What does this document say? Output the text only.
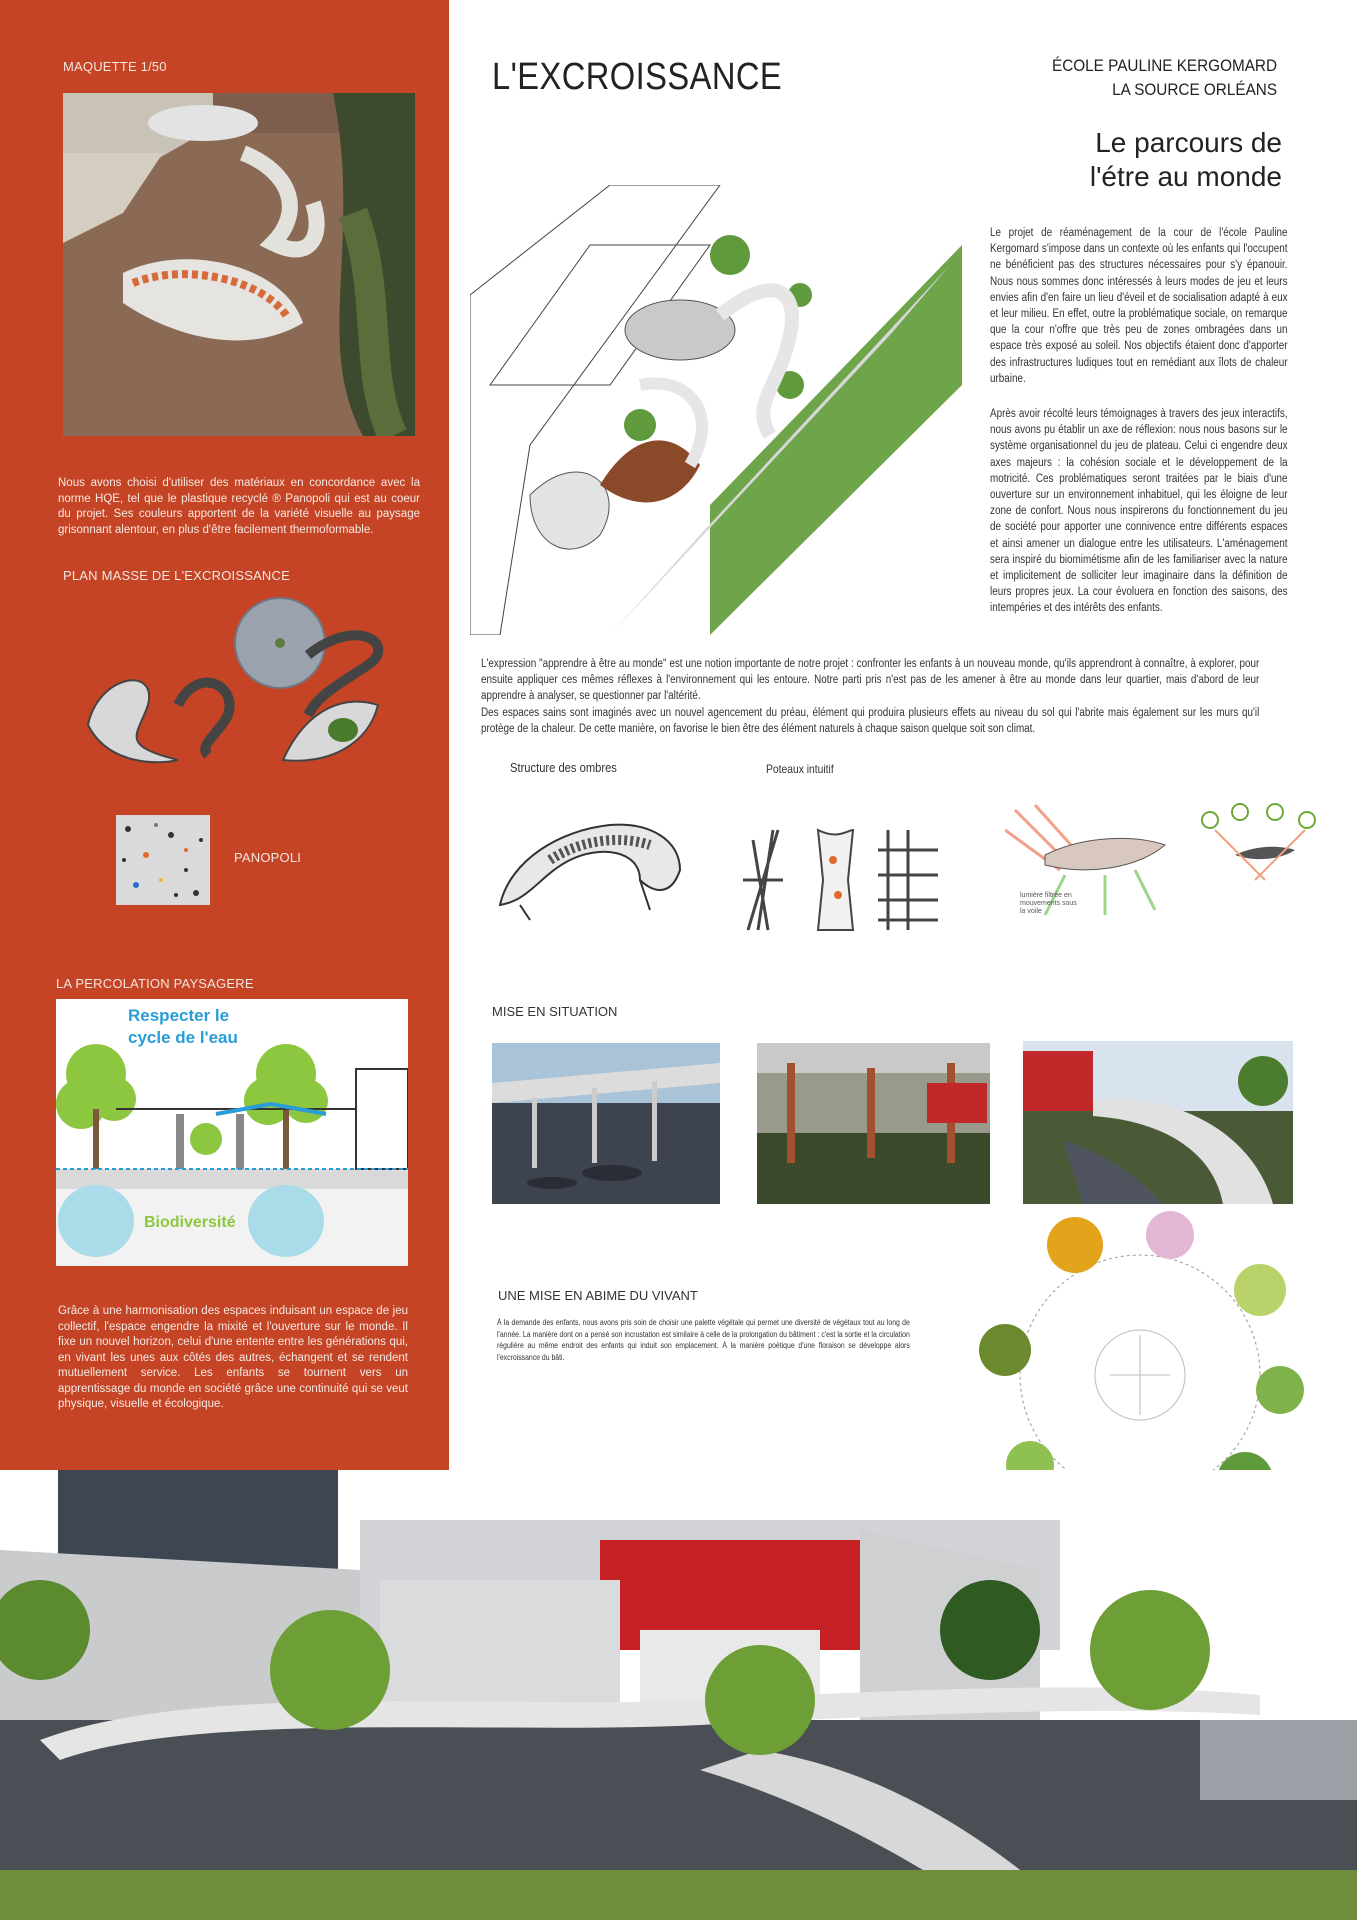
MAQUETTE 1/50
Nous avons choisi d'utiliser des matériaux en concordance avec la norme HQE, tel que le plastique recyclé ® Panopoli qui est au coeur du projet. Ses couleurs apportent de la variété visuelle au paysage grisonnant alentour, en plus d'être facilement thermoformable.
PLAN MASSE DE L'EXCROISSANCE
PANOPOLI
LA PERCOLATION PAYSAGERE
Respecter le cycle de l'eau
Biodiversité
Grâce à une harmonisation des espaces induisant un espace de jeu collectif, l'espace engendre la mixité et l'ouverture sur le monde. Il fixe un nouvel horizon, celui d'une entente entre les générations qui, en vivant les unes aux côtés des autres, échangent et se rendent mutuellement service. Les enfants se tournent vers un apprentissage du monde en société grâce une continuité qui se veut physique, visuelle et écologique.
L'EXCROISSANCE	ÉCOLE PAULINE KERGOMARD
LA SOURCE ORLÉANS
Le parcours de
l'étre au monde
Le projet de réaménagement de la cour de l'école Pauline Kergomard s'impose dans un contexte où les enfants qui l'occupent ne bénéficient pas des structures nécessaires pour s'y épanouir. Nous nous sommes donc intéressés à leurs modes de jeu et leurs envies afin d'en faire un lieu d'éveil et de socialisation adapté à eux et leur milieu. En effet, outre la problématique sociale, on remarque que la cour n'offre que très peu de zones ombragées dans un espace très exposé au soleil. Nos objectifs étaient donc d'apporter des infrastructures ludiques tout en remédiant aux îlots de chaleur urbaine.
Après avoir récolté leurs témoignages à travers des jeux interactifs, nous avons pu établir un axe de réflexion: nous nous basons sur le système organisationnel du jeu de plateau. Celui ci engendre deux axes majeurs : la cohésion sociale et le développement de la motricité. Ces problématiques seront traitées par le biais d'une ouverture sur un environnement inhabituel, qui les éloigne de leur zone de confort. Nous nous inspirerons du fonctionnement du jeu de société pour apporter une connivence entre différents espaces et ainsi amener un dialogue entre les utilisateurs. L'aménagement sera inspiré du biomimétisme afin de les familiariser avec la nature et implicitement de solliciter leur imaginaire dans la définition de leurs propres jeux. La cour évoluera en fonction des saisons, des intempéries et des intérêts des enfants.
L'expression "apprendre à être au monde" est une notion importante de notre projet : confronter les enfants à un nouveau monde, qu'ils apprendront à connaître, à explorer, pour ensuite appliquer ces mêmes réflexes à l'environnement qui les entoure. Notre parti pris n'est pas de les amener à être au monde dans leur quartier, mais d'abord de leur apprendre à analyser, se questionner par l'altérité.
Des espaces sains sont imaginés avec un nouvel agencement du préau, élément qui produira plusieurs effets au niveau du sol qui l'abrite mais également sur les murs qu'il protège de la chaleur. De cette manière, on favorise le bien être des élément naturels à chaque saison quelque soit son climat.
Structure des ombres	Poteaux intuitif
lumière filtrée en mouvements sous la voile
MISE EN SITUATION
UNE MISE EN ABIME DU VIVANT
À la demande des enfants, nous avons pris soin de choisir une palette végétale qui permet une diversité de végétaux tout au long de l'année. La manière dont on a pensé son incrustation est similaire à celle de la prolongation du bâtiment : c'est la sortie et la circulation régulière au même endroit des enfants qui induit son emplacement. À la manière poétique d'une floraison se développe alors l'excroissance du bâti.
